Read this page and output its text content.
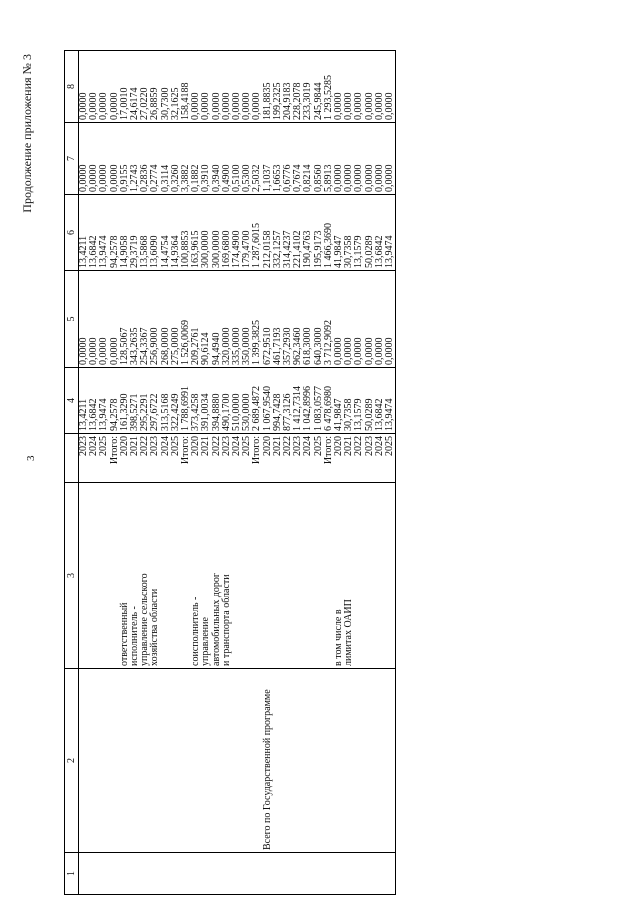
3
Продолжение приложения № 3
1	2	3		4	5	6	7	8
			2023	13,4211	0,0000	13,4211	0,0000	0,0000
			2024	13,6842	0,0000	13,6842	0,0000	0,0000
			2025	13,9474	0,0000	13,9474	0,0000	0,0000
			Итого:	94,2578	0,0000	94,2578	0,0000	0,0000
		ответственный	2020	161,3290	128,5067	14,9058	0,9155	17,0010
		исполнитель -	2021	398,5271	343,2635	29,3719	1,2743	24,6174
		управление сельского	2022	295,2291	254,3367	13,5868	0,2836	27,0220
		хозяйства области	2023	297,6722	256,9000	13,6090	0,2774	26,8859
			2024	313,5168	268,0000	14,4754	0,3114	30,7300
			2025	322,4249	275,0000	14,9364	0,3260	32,1625
			Итого:	1 788,6991	1 526,0069	100,8853	3,3882	158,4188
		соисполнитель -	2020	373,4258	209,2761	163,9615	0,1882	0,0000
		управление	2021	391,0034	90,6124	300,0000	0,3910	0,0000
		автомобильных дорог	2022	394,8880	94,4940	300,0000	0,3940	0,0000
		и транспорта области	2023	490,1700	320,0000	169,6800	0,4900	0,0000
			2024	510,0000	335,0000	174,4900	0,5100	0,0000
			2025	530,0000	350,0000	179,4700	0,5300	0,0000
			Итого:	2 689,4872	1 399,3825	1 287,6015	2,5032	0,0000
	Всего по Государственной программе		2020	1 067,9540	672,9510	212,0158	1,1037	181,8835
			2021	994,7428	461,7193	332,1257	1,6653	199,2325
			2022	877,3126	357,2930	314,4237	0,6776	204,9183
			2023	1 412,7314	962,3460	221,4102	0,7674	228,2078
			2024	1 042,8996	618,3000	190,4763	0,8214	233,3019
			2025	1 083,0577	640,3000	195,9173	0,8560	245,9844
			Итого:	6 478,6980	3 712,9092	1 466,3690	5,8913	1 293,5285
		в том числе в	2020	41,9847	0,0000	41,9847	0,0000	0,0000
		лимитах ОАИП	2021	30,7358	0,0000	30,7358	0,0000	0,0000
			2022	13,1579	0,0000	13,1579	0,0000	0,0000
			2023	50,0289	0,0000	50,0289	0,0000	0,0000
			2024	13,6842	0,0000	13,6842	0,0000	0,0000
			2025	13,9474	0,0000	13,9474	0,0000	0,0000
